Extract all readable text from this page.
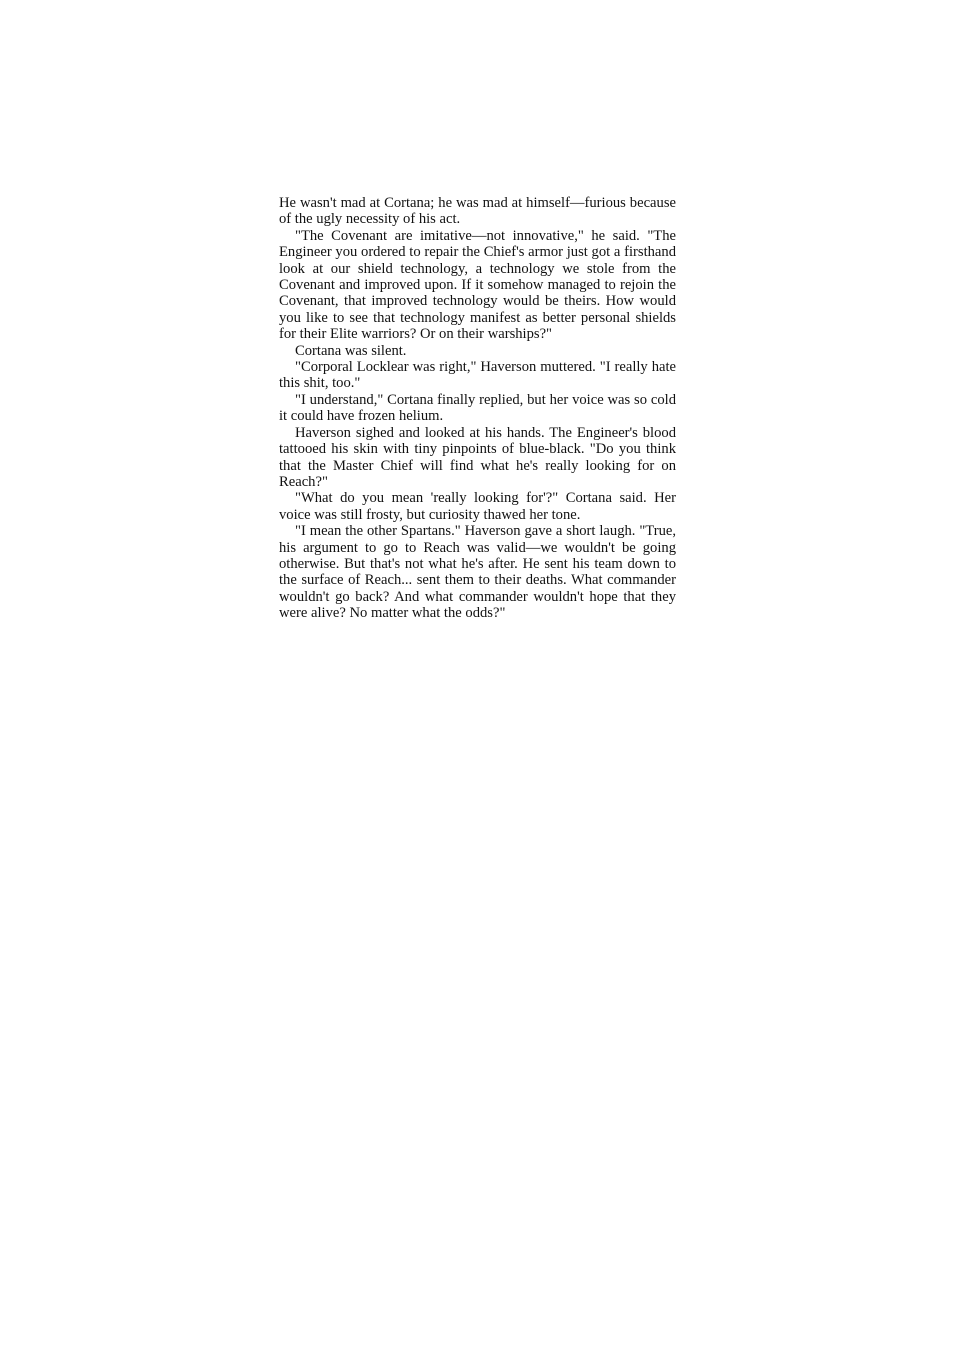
He wasn't mad at Cortana; he was mad at himself—furious because of the ugly necessity of his act.

"The Covenant are imitative—not innovative," he said. "The Engineer you ordered to repair the Chief's armor just got a firsthand look at our shield technology, a technology we stole from the Covenant and improved upon. If it somehow managed to rejoin the Covenant, that improved technology would be theirs. How would you like to see that technology manifest as better personal shields for their Elite warriors? Or on their warships?"

Cortana was silent.

"Corporal Locklear was right," Haverson muttered. "I really hate this shit, too."

"I understand," Cortana finally replied, but her voice was so cold it could have frozen helium.

Haverson sighed and looked at his hands. The Engineer's blood tattooed his skin with tiny pinpoints of blue-black. "Do you think that the Master Chief will find what he's really looking for on Reach?"

"What do you mean 'really looking for'?" Cortana said. Her voice was still frosty, but curiosity thawed her tone.

"I mean the other Spartans." Haverson gave a short laugh. "True, his argument to go to Reach was valid—we wouldn't be going otherwise. But that's not what he's after. He sent his team down to the surface of Reach... sent them to their deaths. What commander wouldn't go back? And what commander wouldn't hope that they were alive? No matter what the odds?"
